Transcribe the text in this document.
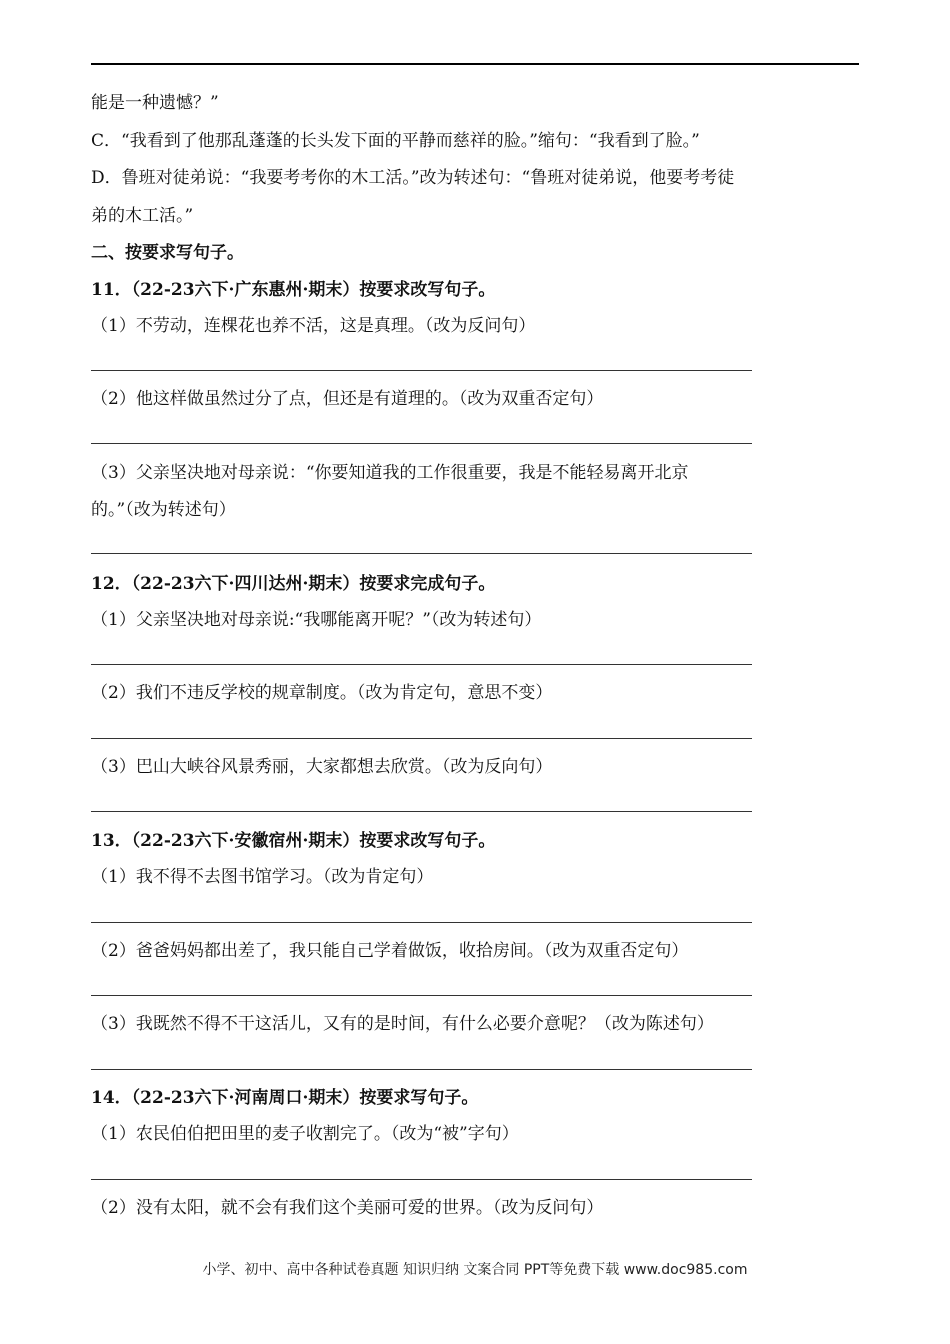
能是一种遗憾？”
C．“我看到了他那乱蓬蓬的长头发下面的平静而慈祥的脸。”缩句：“我看到了脸。”
D．鲁班对徒弟说：“我要考考你的木工活。”改为转述句：“鲁班对徒弟说，他要考考徒
弟的木工活。”
二、按要求写句子。
11．（22-23六下·广东惠州·期末）按要求改写句子。
（1）不劳动，连棵花也养不活，这是真理。（改为反问句）
（2）他这样做虽然过分了点，但还是有道理的。（改为双重否定句）
（3）父亲坚决地对母亲说：“你要知道我的工作很重要，我是不能轻易离开北京
的。”（改为转述句）
12．（22-23六下·四川达州·期末）按要求完成句子。
（1）父亲坚决地对母亲说:“我哪能离开呢？”（改为转述句）
（2）我们不违反学校的规章制度。（改为肯定句，意思不变）
（3）巴山大峡谷风景秀丽，大家都想去欣赏。（改为反向句）
13．（22-23六下·安徽宿州·期末）按要求改写句子。
（1）我不得不去图书馆学习。（改为肯定句）
（2）爸爸妈妈都出差了，我只能自己学着做饭，收拾房间。（改为双重否定句）
（3）我既然不得不干这活儿，又有的是时间，有什么必要介意呢？（改为陈述句）
14．（22-23六下·河南周口·期末）按要求写句子。
（1）农民伯伯把田里的麦子收割完了。（改为“被”字句）
（2）没有太阳，就不会有我们这个美丽可爱的世界。（改为反问句）
小学、初中、高中各种试卷真题 知识归纳 文案合同 PPT等免费下载 www.doc985.com
